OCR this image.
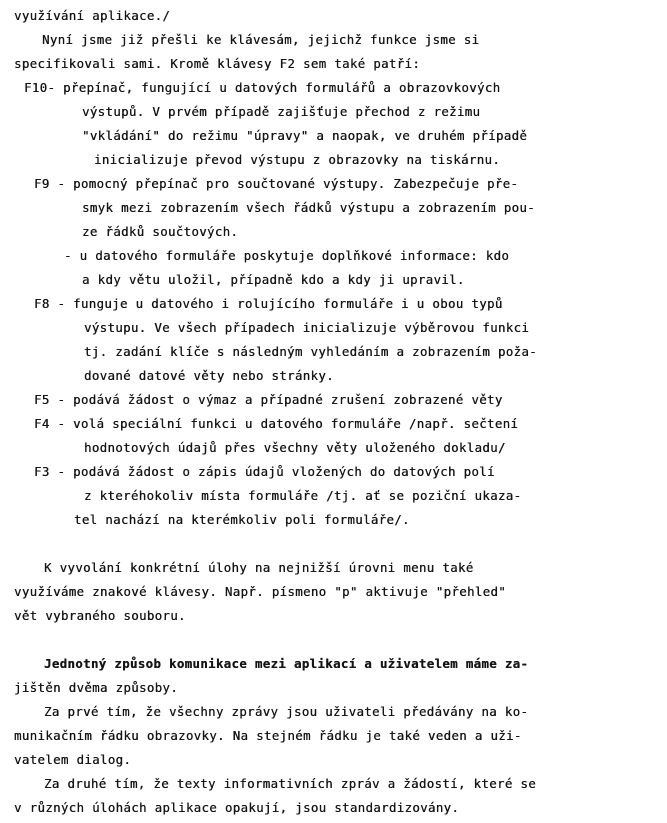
využívání aplikace./
Nyní jsme již přešli ke klávesám, jejichž funkce jsme si
specifikovali sami. Kromě klávesy F2 sem také patří:
F10- přepínač, fungující u datových formulářů a obrazovkových
výstupů. V prvém případě zajišťuje přechod z režimu
"vkládání" do režimu "úpravy" a naopak, ve druhém případě
inicializuje převod výstupu z obrazovky na tiskárnu.
F9 - pomocný přepínač pro součtované výstupy. Zabezpečuje pře-
smyk mezi zobrazením všech řádků výstupu a zobrazením pou-
ze řádků součtových.
- u datového formuláře poskytuje doplňkové informace: kdo
a kdy větu uložil, případně kdo a kdy ji upravil.
F8 - funguje u datového i rolujícího formuláře i u obou typů
výstupu. Ve všech případech inicializuje výběrovou funkci
tj. zadání klíče s následným vyhledáním a zobrazením poža-
dované datové věty nebo stránky.
F5 - podává žádost o výmaz a případné zrušení zobrazené věty
F4 - volá speciální funkci u datového formuláře /např. sečtení
hodnotových údajů přes všechny věty uloženého dokladu/
F3 - podává žádost o zápis údajů vložených do datových polí
z kteréhokoliv místa formuláře /tj. ať se poziční ukaza-
tel nachází na kterémkoliv poli formuláře/.
K vyvolání konkrétní úlohy na nejnižší úrovni menu také
využíváme znakové klávesy. Např. písmeno "p" aktivuje "přehled"
vět vybraného souboru.
Jednotný způsob komunikace mezi aplikací a uživatelem máme za-
jištěn dvěma způsoby.
Za prvé tím, že všechny zprávy jsou uživateli předávány na ko-
munikačním řádku obrazovky. Na stejném řádku je také veden a uži-
vatelem dialog.
Za druhé tím, že texty informativních zpráv a žádostí, které se
v různých úlohách aplikace opakují, jsou standardizovány.
